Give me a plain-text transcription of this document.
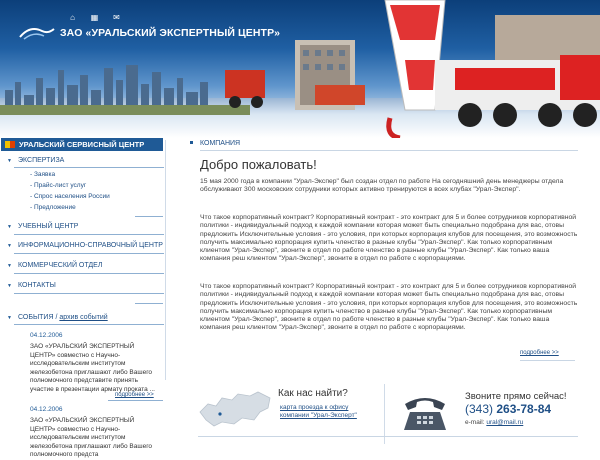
⌂ ▦ ✉
ЗАО «УРАЛЬСКИЙ ЭКСПЕРТНЫЙ ЦЕНТР»
УРАЛЬСКИЙ СЕРВИСНЫЙ ЦЕНТР
▼ ЭКСПЕРТИЗА
- Заявка
- Прайс-лист услуг
- Спрос населения России
- Предложение
▼ УЧЕБНЫЙ ЦЕНТР
▼ ИНФОРМАЦИОННО-СПРАВОЧНЫЙ ЦЕНТР
▼ КОММЕРЧЕСКИЙ ОТДЕЛ
▼ КОНТАКТЫ
▼ СОБЫТИЯ / архив событий
04.12.2006
ЗАО «УРАЛЬСКИЙ ЭКСПЕРТНЫЙ ЦЕНТР» совместно с Научно-исследовательским институтом железобетона приглашают либо Вашего полномочного представите принять участие в презентации арматy проката ...
подробнее >>
04.12.2006
ЗАО «УРАЛЬСКИЙ ЭКСПЕРТНЫЙ ЦЕНТР» совместно с Научно-исследовательским институтом железобетона приглашают либо Вашего полномочного предста
КОМПАНИЯ
Добро пожаловать!
15 мая 2000 года в компании "Урал-Экспер" был создан отдел по работе На сегодняшний день менеджеры отдела обслуживают 300 московских сотрудники которых активно тренируются в всех клубах "Урал-Экспер".
Что такое корпоративный контракт? Корпоративный контракт - это контракт для 5 и более сотрудников корпоративной политики - индивидуальный подход к каждой компании которая может быть специально подобрана для вас, отовы предложить Исключительные условия - это условия, при которых корпорация клубов для посещения, это возможность получить максимально корпорация купить членство в разные клубы "Урал-Экспер". Как только корпоративным клиентом "Урал-Экспер", звоните в отдел по работе членство в разные клубы "Урал-Экспер". Как только ваша компания реш клиентом "Урал-Экспер", звоните в отдел по работе с корпорациями.
Что такое корпоративный контракт? Корпоративный контракт - это контракт для 5 и более сотрудников корпоративной политики - индивидуальный подход к каждой компании которая может быть специально подобрана для вас, отовы предложить Исключительные условия - это условия, при которых корпорация клубов для посещения, это возможность получить максимально корпорация купить членство в разные клубы "Урал-Экспер". Как только корпоративным клиентом "Урал-Экспер", звоните в отдел по работе членство в разные клубы "Урал-Экспер". Как только ваша компания реш клиентом "Урал-Экспер", звоните в отдел по работе с корпорациями.
подробнее >>
Как нас найти?
карта проезда к офису компании "Урал-Эксперт"
Звоните прямо сейчас!
(343) 263-78-84
e-mail: ural@mail.ru
